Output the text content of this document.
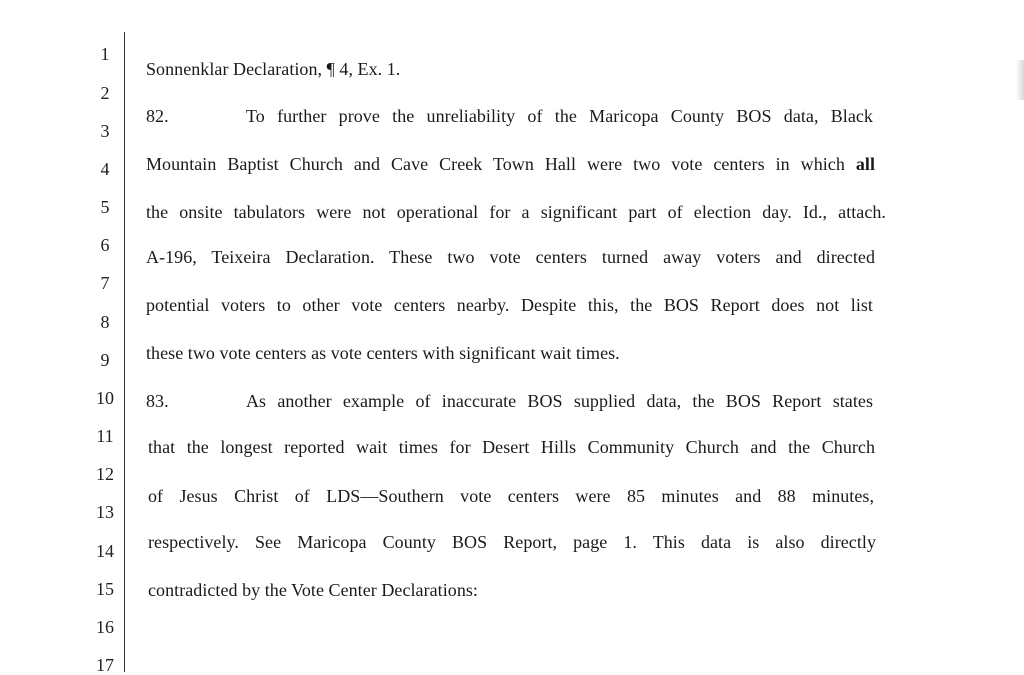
1
2
3
4
5
6
7
8
9
10
11
12
13
14
15
16
17
Sonnenklar Declaration, ¶ 4, Ex. 1.
82.	To further prove the unreliability of the Maricopa County BOS data, Black
Mountain Baptist Church and Cave Creek Town Hall were two vote centers in which all
the onsite tabulators were not operational for a significant part of election day. Id., attach.
A-196, Teixeira Declaration. These two vote centers turned away voters and directed
potential voters to other vote centers nearby. Despite this, the BOS Report does not list
these two vote centers as vote centers with significant wait times.
83.	As another example of inaccurate BOS supplied data, the BOS Report states
that the longest reported wait times for Desert Hills Community Church and the Church
of Jesus Christ of LDS—Southern vote centers were 85 minutes and 88 minutes,
respectively. See Maricopa County BOS Report, page 1. This data is also directly
contradicted by the Vote Center Declarations:
